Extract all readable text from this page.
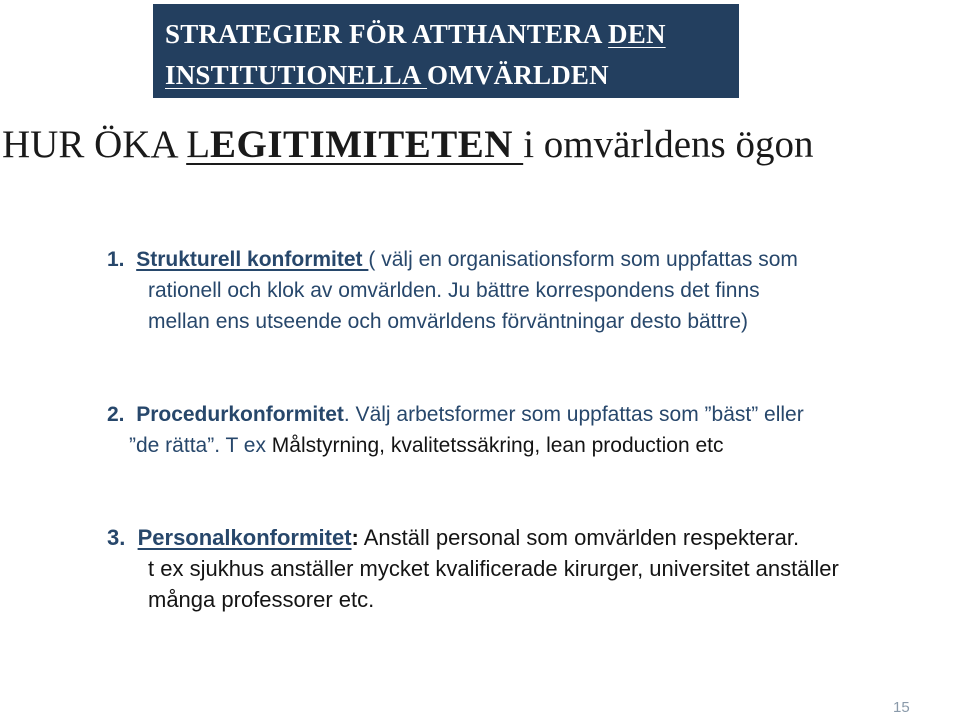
STRATEGIER FÖR ATTHANTERA DEN
INSTITUTIONELLA OMVÄRLDEN
HUR ÖKA LEGITIMITETEN i omvärldens ögon
1. Strukturell konformitet ( välj en organisationsform som uppfattas som
rationell och klok av omvärlden. Ju bättre korrespondens det finns
mellan ens utseende och omvärldens förväntningar desto bättre)
2. Procedurkonformitet. Välj arbetsformer som uppfattas som ”bäst” eller
”de rätta”. T ex Målstyrning, kvalitetssäkring, lean production etc
3. Personalkonformitet: Anställ personal som omvärlden respekterar.
t ex sjukhus anställer mycket kvalificerade kirurger, universitet anställer
många professorer etc.
15
